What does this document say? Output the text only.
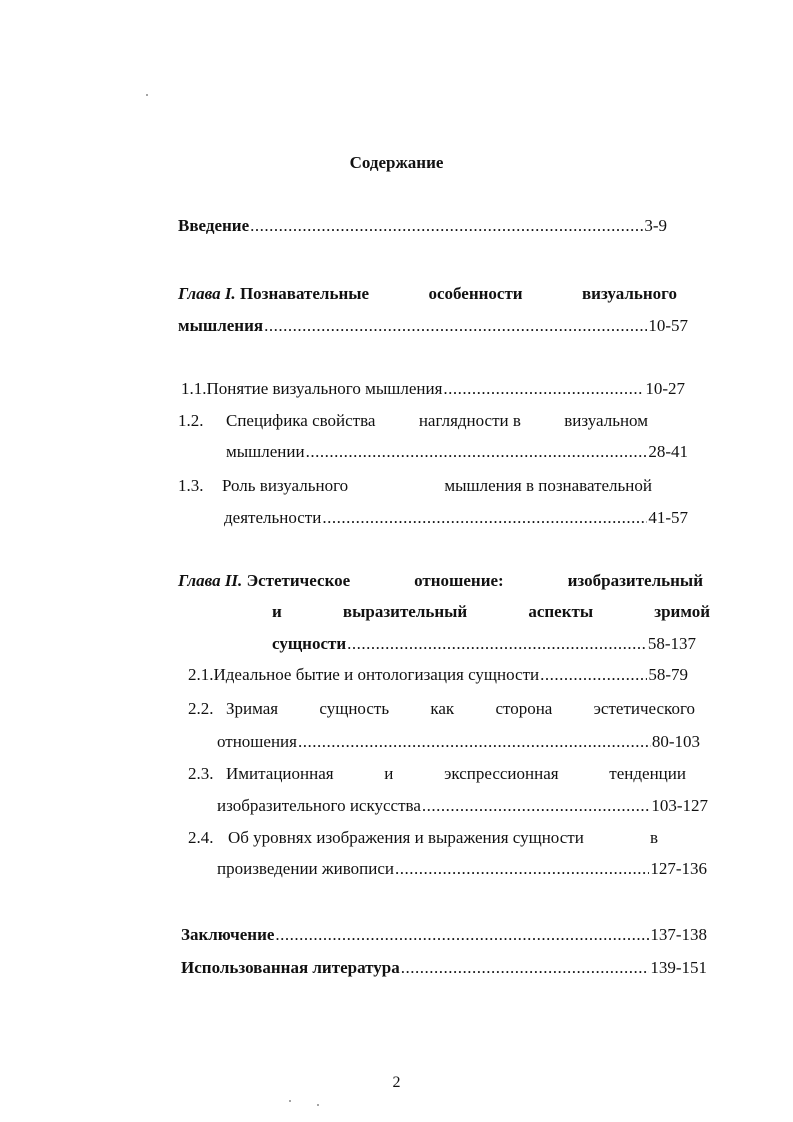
Содержание
Введение .....	3-9
Глава I. Познавательные	особенности	визуального
мышления .....	10-57
1.1. Понятие визуального мышления .....	10-27
1.2.	Специфика свойства	наглядности в	визуальном
мышлении .....	28-41
1.3.	Роль визуального	мышления в познавательной
деятельности .....	41-57
Глава II. Эстетическое	отношение:	изобразительный
и	выразительный	аспекты	зримой
сущности .....	58-137
2.1. Идеальное бытие и онтологизация сущности .....	58-79
2.2. Зримая сущность как сторона эстетического
отношения .....	80-103
2.3. Имитационная	и	экспрессионная	тенденции
изобразительного искусства .....	103-127
2.4. Об уровнях изображения и выражения сущности	в
произведении живописи .....	127-136
Заключение .....	137-138
Использованная литература .....	139-151
2
